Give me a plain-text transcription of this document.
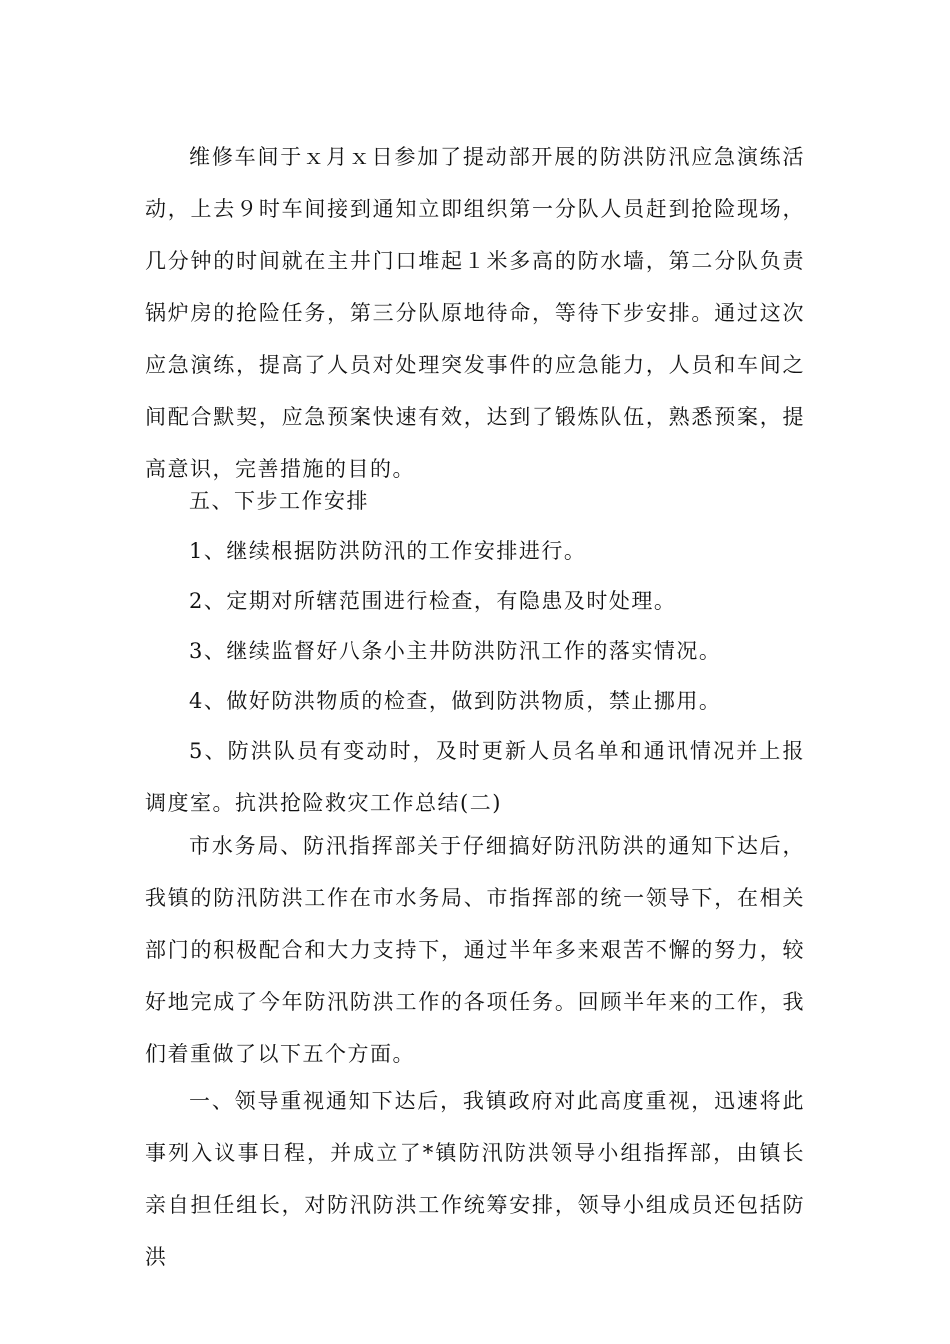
维修车间于ｘ月ｘ日参加了提动部开展的防洪防汛应急演练活动，上去９时车间接到通知立即组织第一分队人员赶到抢险现场，几分钟的时间就在主井门口堆起１米多高的防水墙，第二分队负责锅炉房的抢险任务，第三分队原地待命，等待下步安排。通过这次应急演练，提高了人员对处理突发事件的应急能力，人员和车间之间配合默契，应急预案快速有效，达到了锻炼队伍，熟悉预案，提高意识，完善措施的目的。

五、下步工作安排

1、继续根据防洪防汛的工作安排进行。

2、定期对所辖范围进行检查，有隐患及时处理。

3、继续监督好八条小主井防洪防汛工作的落实情况。

4、做好防洪物质的检查，做到防洪物质，禁止挪用。

5、防洪队员有变动时，及时更新人员名单和通讯情况并上报调度室。抗洪抢险救灾工作总结(二)

市水务局、防汛指挥部关于仔细搞好防汛防洪的通知下达后，我镇的防汛防洪工作在市水务局、市指挥部的统一领导下，在相关部门的积极配合和大力支持下，通过半年多来艰苦不懈的努力，较好地完成了今年防汛防洪工作的各项任务。回顾半年来的工作，我们着重做了以下五个方面。

一、领导重视通知下达后，我镇政府对此高度重视，迅速将此事列入议事日程，并成立了*镇防汛防洪领导小组指挥部，由镇长亲自担任组长，对防汛防洪工作统筹安排，领导小组成员还包括防洪
